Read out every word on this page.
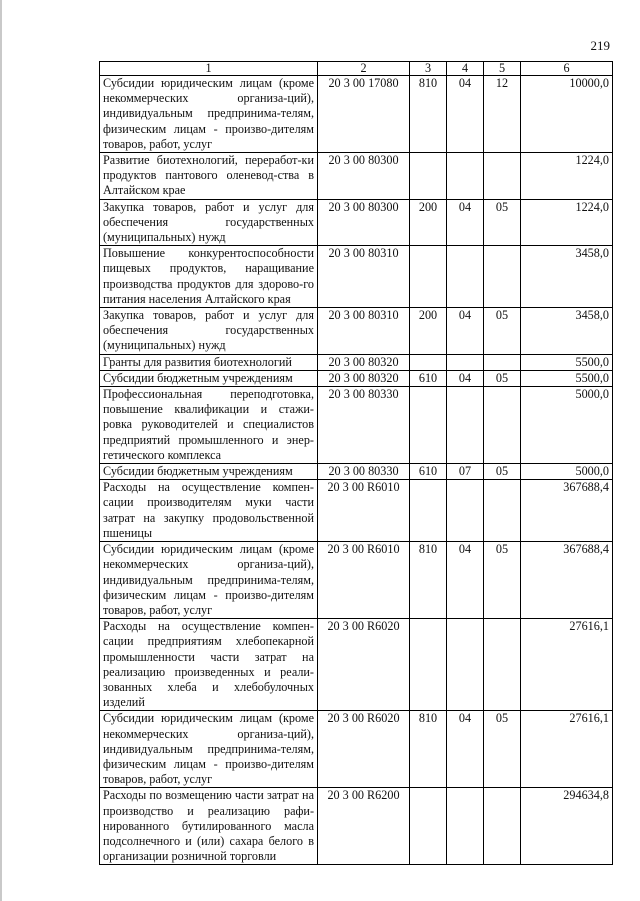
219
1	2	3	4	5	6
Субсидии юридическим лицам (кроме некоммерческих организа-ций), индивидуальным предпринима-телям, физическим лицам - произво-дителям товаров, работ, услуг	20 3 00 17080	810	04	12	10000,0
Развитие биотехнологий, переработ-ки продуктов пантового оленевод-ства в Алтайском крае	20 3 00 80300				1224,0
Закупка товаров, работ и услуг для обеспечения государственных (муниципальных) нужд	20 3 00 80300	200	04	05	1224,0
Повышение конкурентоспособности пищевых продуктов, наращивание производства продуктов для здорово-го питания населения Алтайского края	20 3 00 80310				3458,0
Закупка товаров, работ и услуг для обеспечения государственных (муниципальных) нужд	20 3 00 80310	200	04	05	3458,0
Гранты для развития биотехнологий	20 3 00 80320				5500,0
Субсидии бюджетным учреждениям	20 3 00 80320	610	04	05	5500,0
Профессиональная переподготовка, повышение квалификации и стажи-ровка руководителей и специалистов предприятий промышленного и энер-гетического комплекса	20 3 00 80330				5000,0
Субсидии бюджетным учреждениям	20 3 00 80330	610	07	05	5000,0
Расходы на осуществление компен-сации производителям муки части затрат на закупку продовольственной пшеницы	20 3 00 R6010				367688,4
Субсидии юридическим лицам (кроме некоммерческих организа-ций), индивидуальным предпринима-телям, физическим лицам - произво-дителям товаров, работ, услуг	20 3 00 R6010	810	04	05	367688,4
Расходы на осуществление компен-сации предприятиям хлебопекарной промышленности части затрат на реализацию произведенных и реали-зованных хлеба и хлебобулочных изделий	20 3 00 R6020				27616,1
Субсидии юридическим лицам (кроме некоммерческих организа-ций), индивидуальным предпринима-телям, физическим лицам - произво-дителям товаров, работ, услуг	20 3 00 R6020	810	04	05	27616,1
Расходы по возмещению части затрат на производство и реализацию рафи-нированного бутилированного масла подсолнечного и (или) сахара белого в организации розничной торговли	20 3 00 R6200				294634,8
